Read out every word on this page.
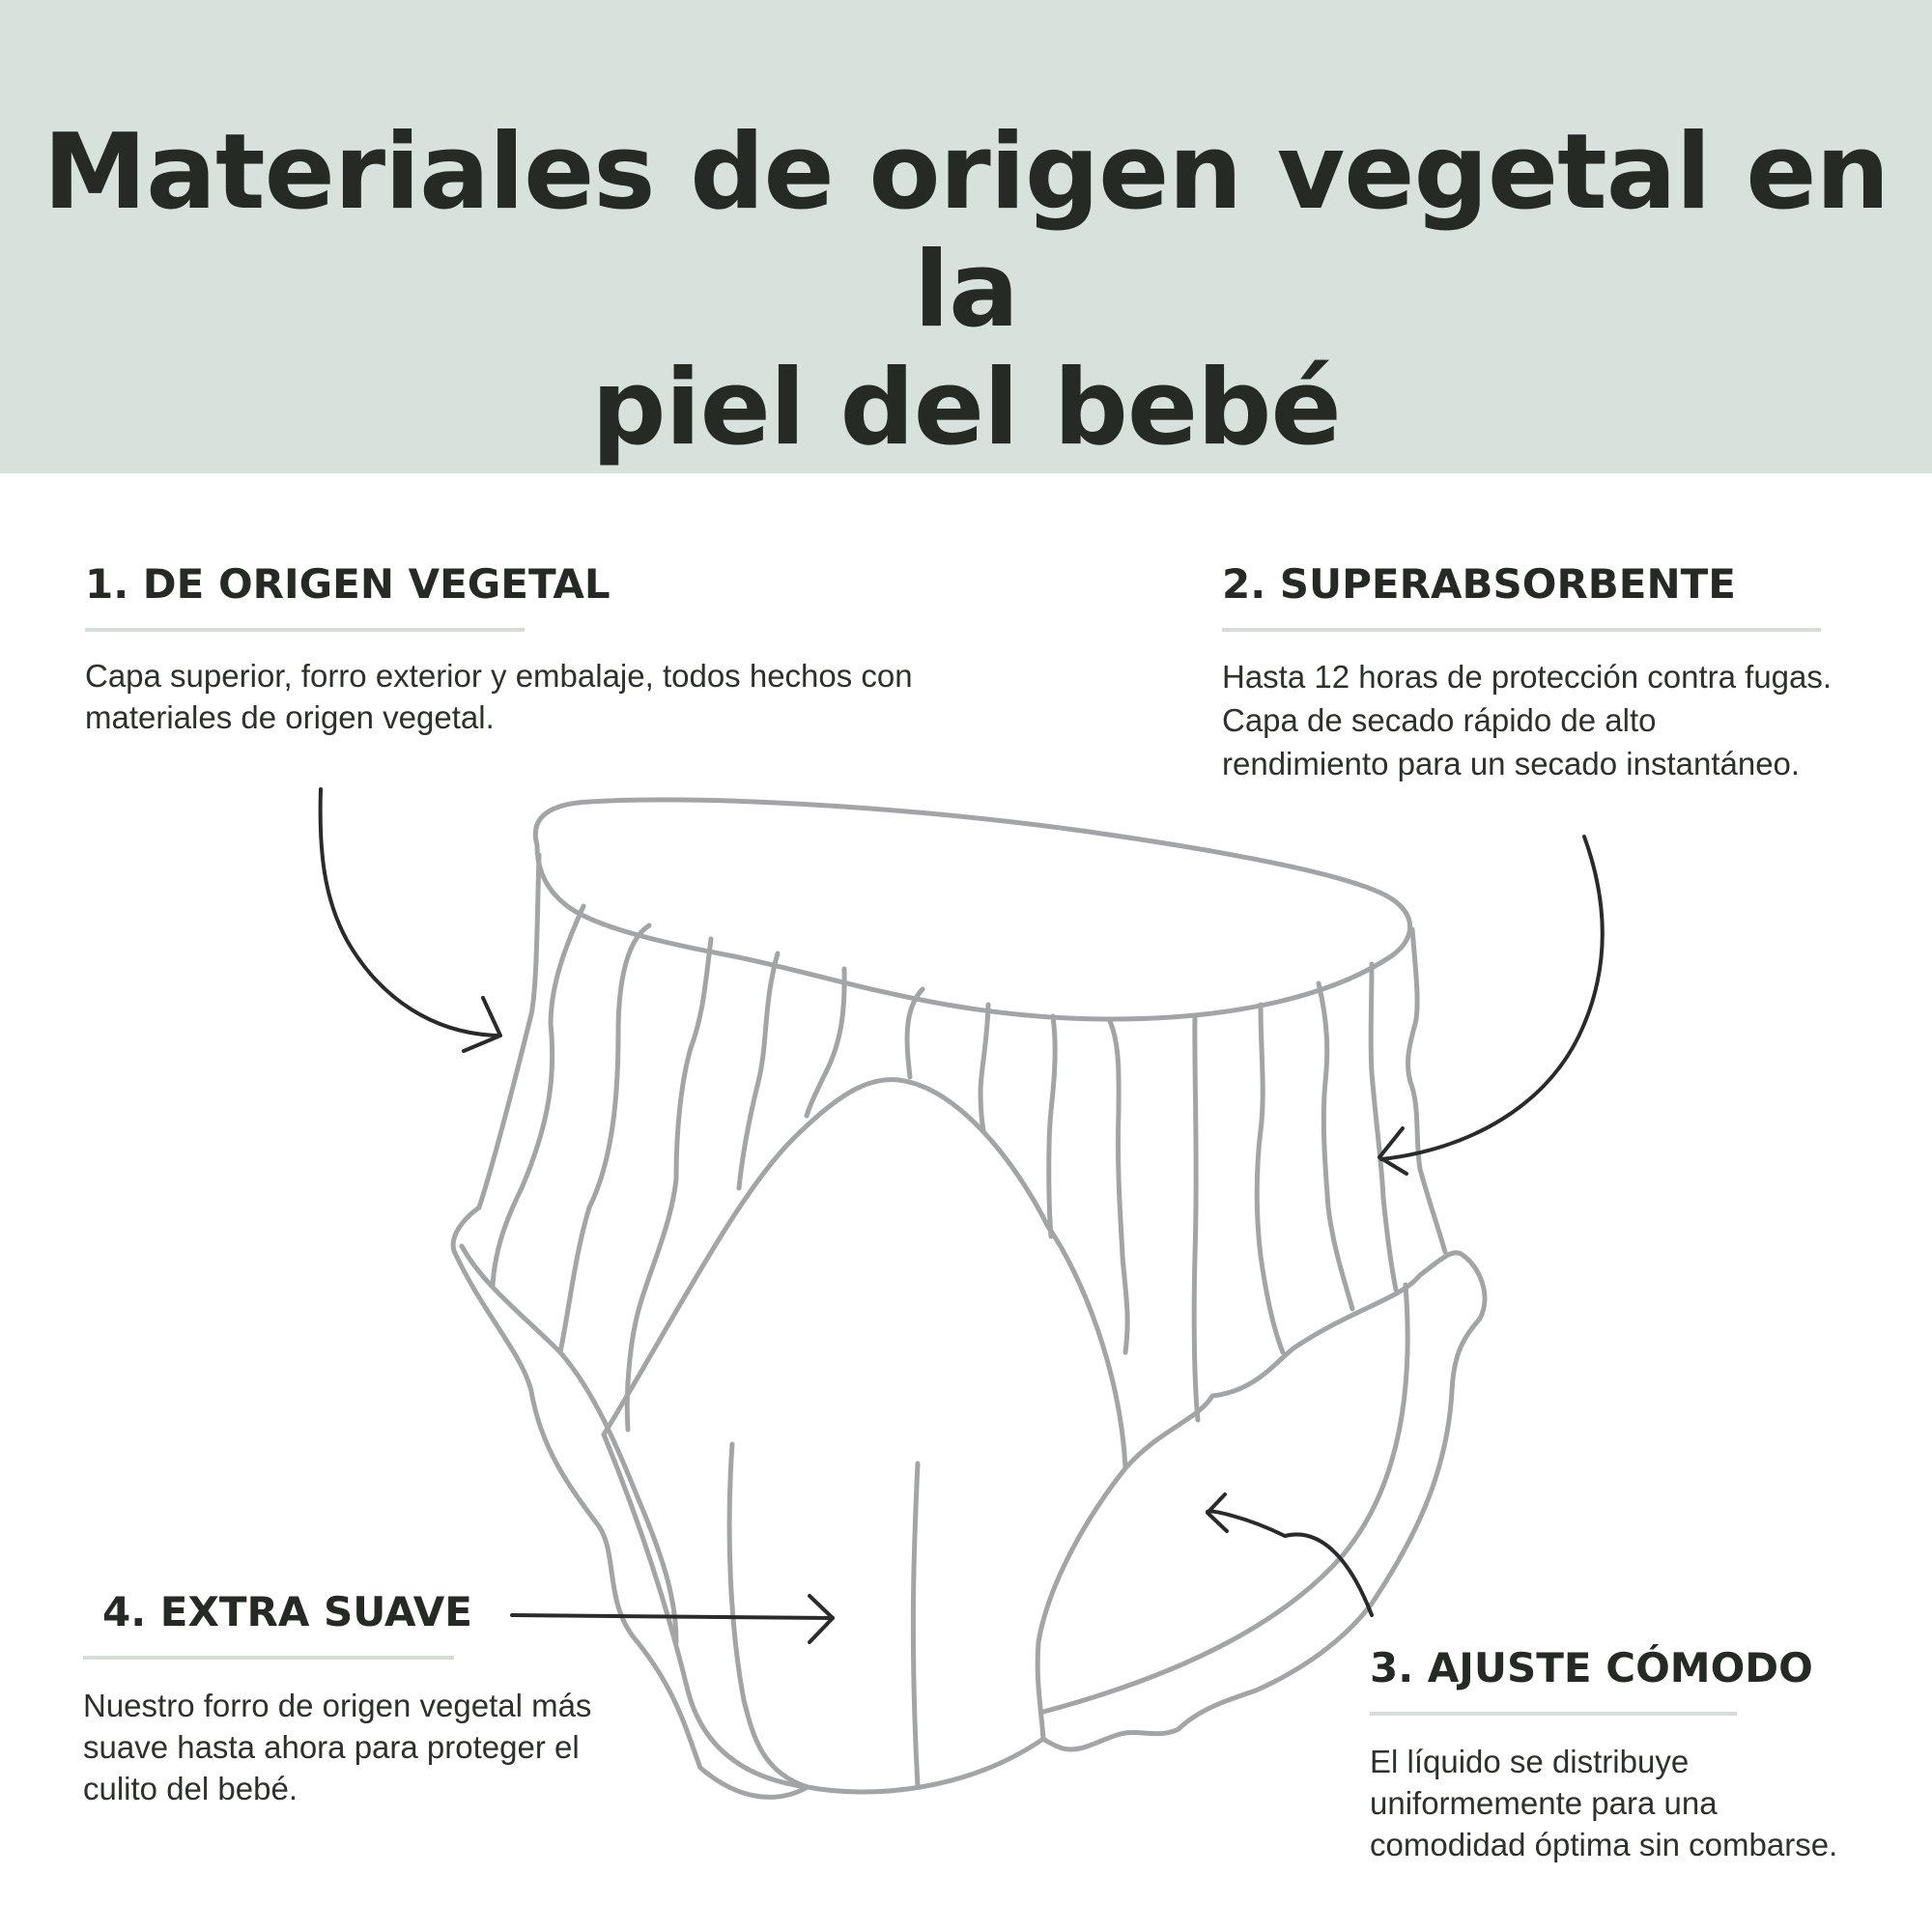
Materiales de origen vegetal en la
piel del bebé
1. DE ORIGEN VEGETAL

Capa superior, forro exterior y embalaje, todos hechos con
materiales de origen vegetal.

2. SUPERABSORBENTE

Hasta 12 horas de protección contra fugas.
Capa de secado rápido de alto
rendimiento para un secado instantáneo.

3. AJUSTE CÓMODO

El líquido se distribuye
uniformemente para una
comodidad óptima sin combarse.

4. EXTRA SUAVE

Nuestro forro de origen vegetal más
suave hasta ahora para proteger el
culito del bebé.
